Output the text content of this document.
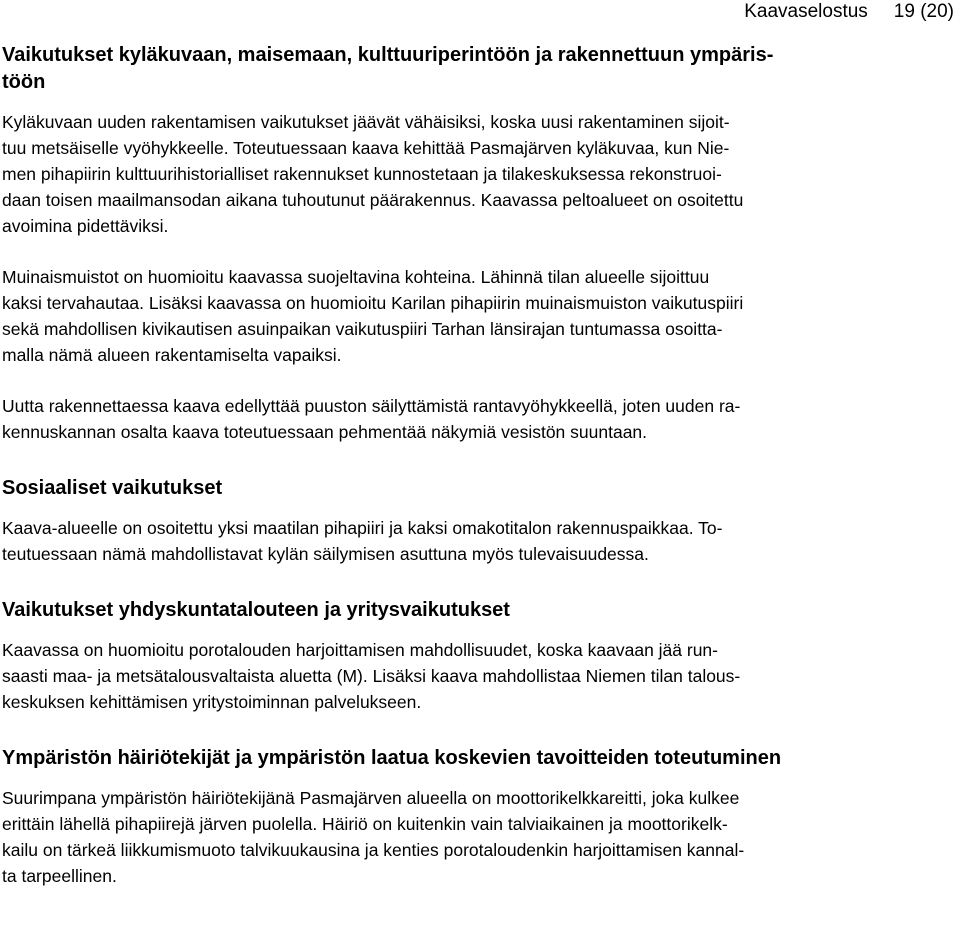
Kaavaselostus 19 (20)
Vaikutukset kyläkuvaan, maisemaan, kulttuuriperintöön ja rakennettuun ympäris-
töön

Kyläkuvaan uuden rakentamisen vaikutukset jäävät vähäisiksi, koska uusi rakentaminen sijoit-
tuu metsäiselle vyöhykkeelle. Toteutuessaan kaava kehittää Pasmajärven kyläkuvaa, kun Nie-
men pihapiirin kulttuurihistorialliset rakennukset kunnostetaan ja tilakeskuksessa rekonstruoi-
daan toisen maailmansodan aikana tuhoutunut päärakennus. Kaavassa peltoalueet on osoitettu
avoimina pidettäviksi.

Muinaismuistot on huomioitu kaavassa suojeltavina kohteina. Lähinnä tilan alueelle sijoittuu
kaksi tervahautaa. Lisäksi kaavassa on huomioitu Karilan pihapiirin muinaismuiston vaikutuspiiri
sekä mahdollisen kivikautisen asuinpaikan vaikutuspiiri Tarhan länsirajan tuntumassa osoitta-
malla nämä alueen rakentamiselta vapaiksi.

Uutta rakennettaessa kaava edellyttää puuston säilyttämistä rantavyöhykkeellä, joten uuden ra-
kennuskannan osalta kaava toteutuessaan pehmentää näkymiä vesistön suuntaan.

Sosiaaliset vaikutukset

Kaava-alueelle on osoitettu yksi maatilan pihapiiri ja kaksi omakotitalon rakennuspaikkaa. To-
teutuessaan nämä mahdollistavat kylän säilymisen asuttuna myös tulevaisuudessa.

Vaikutukset yhdyskuntatalouteen ja yritysvaikutukset

Kaavassa on huomioitu porotalouden harjoittamisen mahdollisuudet, koska kaavaan jää run-
saasti maa- ja metsätalousvaltaista aluetta (M). Lisäksi kaava mahdollistaa Niemen tilan talous-
keskuksen kehittämisen yritystoiminnan palvelukseen.

Ympäristön häiriötekijät ja ympäristön laatua koskevien tavoitteiden toteutuminen

Suurimpana ympäristön häiriötekijänä Pasmajärven alueella on moottorikelkkareitti, joka kulkee
erittäin lähellä pihapiirejä järven puolella. Häiriö on kuitenkin vain talviaikainen ja moottorikelk-
kailu on tärkeä liikkumismuoto talvikuukausina ja kenties porotaloudenkin harjoittamisen kannal-
ta tarpeellinen.
